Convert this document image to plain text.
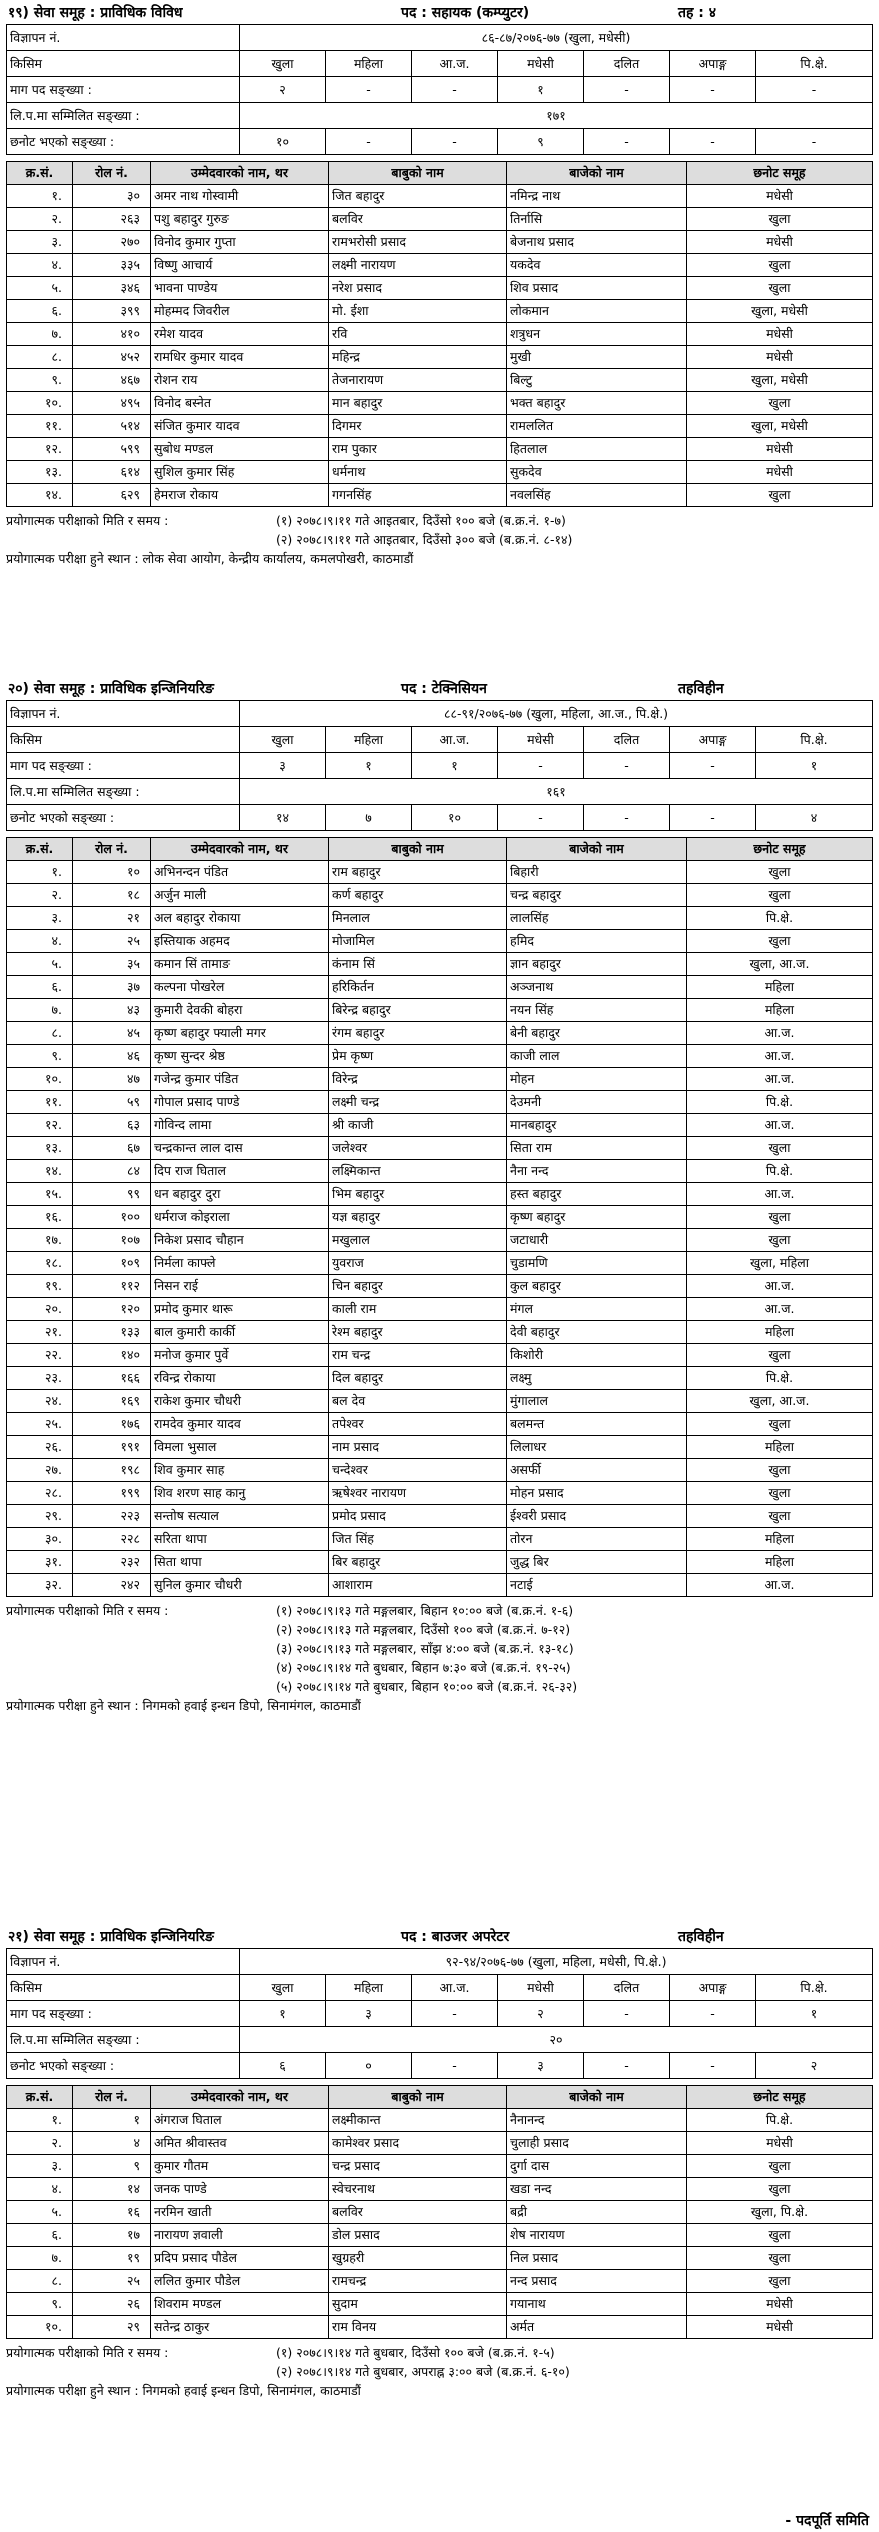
१९) सेवा समूह : प्राविधिक विविध	पद : सहायक (कम्प्युटर)	तह : ४
विज्ञापन नं.	८६-८७/२०७६-७७ (खुला, मधेसी)						
किसिम	खुला	महिला	आ.ज.	मधेसी	दलित	अपाङ्ग	पि.क्षे.
माग पद सङ्ख्या :	२	-	-	१	-	-	-
लि.प.मा सम्मिलित सङ्ख्या :	१७१						
छनोट भएको सङ्ख्या :	१०	-	-	९	-	-	-
क्र.सं.	रोल नं.	उम्मेदवारको नाम, थर	बाबुको नाम	बाजेको नाम	छनोट समूह
१.	३०	अमर नाथ गोस्वामी	जित बहादुर	नमिन्द्र नाथ	मधेसी
२.	२६३	पशु बहादुर गुरुङ	बलविर	तिर्नासि	खुला
३.	२७०	विनोद कुमार गुप्ता	रामभरोसी प्रसाद	बेजनाथ प्रसाद	मधेसी
४.	३३५	विष्णु आचार्य	लक्ष्मी नारायण	यकदेव	खुला
५.	३४६	भावना पाण्डेय	नरेश प्रसाद	शिव प्रसाद	खुला
६.	३९९	मोहम्मद जिवरील	मो. ईशा	लोकमान	खुला, मधेसी
७.	४१०	रमेश यादव	रवि	शत्रुधन	मधेसी
८.	४५२	रामधिर कुमार यादव	महिन्द्र	मुखी	मधेसी
९.	४६७	रोशन राय	तेजनारायण	बिल्टु	खुला, मधेसी
१०.	४९५	विनोद बस्नेत	मान बहादुर	भक्त बहादुर	खुला
११.	५१४	संजित कुमार यादव	दिगमर	रामललित	खुला, मधेसी
१२.	५९९	सुबोध मण्डल	राम पुकार	हितलाल	मधेसी
१३.	६१४	सुशिल कुमार सिंह	धर्मनाथ	सुकदेव	मधेसी
१४.	६२९	हेमराज रोकाय	गगनसिंह	नवलसिंह	खुला
प्रयोगात्मक परीक्षाको मिति र समय :	(१) २०७८।९।११ गते आइतबार, दिउँसो १०० बजे (ब.क्र.नं. १-७)
(२) २०७८।९।११ गते आइतबार, दिउँसो ३०० बजे (ब.क्र.नं. ८-१४)
प्रयोगात्मक परीक्षा हुने स्थान : लोक सेवा आयोग, केन्द्रीय कार्यालय, कमलपोखरी, काठमाडौं
२०) सेवा समूह : प्राविधिक इन्जिनियरिङ	पद : टेक्निसियन	तहविहीन
विज्ञापन नं.	८८-९१/२०७६-७७ (खुला, महिला, आ.ज., पि.क्षे.)						
किसिम	खुला	महिला	आ.ज.	मधेसी	दलित	अपाङ्ग	पि.क्षे.
माग पद सङ्ख्या :	३	१	१	-	-	-	१
लि.प.मा सम्मिलित सङ्ख्या :	१६१						
छनोट भएको सङ्ख्या :	१४	७	१०	-	-	-	४
क्र.सं.	रोल नं.	उम्मेदवारको नाम, थर	बाबुको नाम	बाजेको नाम	छनोट समूह
१.	१०	अभिनन्दन पंडित	राम बहादुर	बिहारी	खुला
२.	१८	अर्जुन माली	कर्ण बहादुर	चन्द्र बहादुर	खुला
३.	२१	अल बहादुर रोकाया	मिनलाल	लालसिंह	पि.क्षे.
४.	२५	इस्तियाक अहमद	मोजामिल	हमिद	खुला
५.	३५	कमान सिं तामाङ	कंनाम सिं	ज्ञान बहादुर	खुला, आ.ज.
६.	३७	कल्पना पोखरेल	हरिकिर्तन	अञ्जनाथ	महिला
७.	४३	कुमारी देवकी बोहरा	बिरेन्द्र बहादुर	नयन सिंह	महिला
८.	४५	कृष्ण बहादुर फ्याली मगर	रंगम बहादुर	बेनी बहादुर	आ.ज.
९.	४६	कृष्ण सुन्दर श्रेष्ठ	प्रेम कृष्ण	काजी लाल	आ.ज.
१०.	४७	गजेन्द्र कुमार पंडित	विरेन्द्र	मोहन	आ.ज.
११.	५९	गोपाल प्रसाद पाण्डे	लक्ष्मी चन्द्र	देउमनी	पि.क्षे.
१२.	६३	गोविन्द लामा	श्री काजी	मानबहादुर	आ.ज.
१३.	६७	चन्द्रकान्त लाल दास	जलेश्वर	सिता राम	खुला
१४.	८४	दिप राज घिताल	लक्ष्मिकान्त	नैना नन्द	पि.क्षे.
१५.	९९	धन बहादुर दुरा	भिम बहादुर	हस्त बहादुर	आ.ज.
१६.	१००	धर्मराज कोइराला	यज्ञ बहादुर	कृष्ण बहादुर	खुला
१७.	१०७	निकेश प्रसाद चौहान	मखुलाल	जटाधारी	खुला
१८.	१०९	निर्मला काफ्ले	युवराज	चुडामणि	खुला, महिला
१९.	११२	निसन राई	चिन बहादुर	कुल बहादुर	आ.ज.
२०.	१२०	प्रमोद कुमार थारू	काली राम	मंगल	आ.ज.
२१.	१३३	बाल कुमारी कार्की	रेश्म बहादुर	देवी बहादुर	महिला
२२.	१४०	मनोज कुमार पुर्वे	राम चन्द्र	किशोरी	खुला
२३.	१६६	रविन्द्र रोकाया	दिल बहादुर	लक्ष्मु	पि.क्षे.
२४.	१६९	राकेश कुमार चौधरी	बल देव	मुंगालाल	खुला, आ.ज.
२५.	१७६	रामदेव कुमार यादव	तपेश्वर	बलमन्त	खुला
२६.	१९१	विमला भुसाल	नाम प्रसाद	लिलाधर	महिला
२७.	१९८	शिव कुमार साह	चन्देश्वर	असर्फी	खुला
२८.	१९९	शिव शरण साह कानु	ऋषेश्वर नारायण	मोहन प्रसाद	खुला
२९.	२२३	सन्तोष सत्याल	प्रमोद प्रसाद	ईश्वरी प्रसाद	खुला
३०.	२२८	सरिता थापा	जित सिंह	तोरन	महिला
३१.	२३२	सिता थापा	बिर बहादुर	जुद्ध बिर	महिला
३२.	२४२	सुनिल कुमार चौधरी	आशाराम	नटाई	आ.ज.
प्रयोगात्मक परीक्षाको मिति र समय :	(१) २०७८।९।१३ गते मङ्गलबार, बिहान १०:०० बजे (ब.क्र.नं. १-६)
(२) २०७८।९।१३ गते मङ्गलबार, दिउँसो १०० बजे (ब.क्र.नं. ७-१२)
(३) २०७८।९।१३ गते मङ्गलबार, साँझ ४:०० बजे (ब.क्र.नं. १३-१८)
(४) २०७८।९।१४ गते बुधबार, बिहान ७:३० बजे (ब.क्र.नं. १९-२५)
(५) २०७८।९।१४ गते बुधबार, बिहान १०:०० बजे (ब.क्र.नं. २६-३२)
प्रयोगात्मक परीक्षा हुने स्थान : निगमको हवाई इन्धन डिपो, सिनामंगल, काठमाडौं
२१) सेवा समूह : प्राविधिक इन्जिनियरिङ	पद : बाउजर अपरेटर	तहविहीन
विज्ञापन नं.	९२-९४/२०७६-७७ (खुला, महिला, मधेसी, पि.क्षे.)						
किसिम	खुला	महिला	आ.ज.	मधेसी	दलित	अपाङ्ग	पि.क्षे.
माग पद सङ्ख्या :	१	३	-	२	-	-	१
लि.प.मा सम्मिलित सङ्ख्या :	२०						
छनोट भएको सङ्ख्या :	६	०	-	३	-	-	२
क्र.सं.	रोल नं.	उम्मेदवारको नाम, थर	बाबुको नाम	बाजेको नाम	छनोट समूह
१.	१	अंगराज घिताल	लक्ष्मीकान्त	नैनानन्द	पि.क्षे.
२.	४	अमित श्रीवास्तव	कामेश्वर प्रसाद	चुलाही प्रसाद	मधेसी
३.	९	कुमार गौतम	चन्द्र प्रसाद	दुर्गा दास	खुला
४.	१४	जनक पाण्डे	स्वेचरनाथ	खडा नन्द	खुला
५.	१६	नरमिन खाती	बलविर	बद्री	खुला, पि.क्षे.
६.	१७	नारायण ज्ञवाली	डोल प्रसाद	शेष नारायण	खुला
७.	१९	प्रदिप प्रसाद पौडेल	खुग्रहरी	निल प्रसाद	खुला
८.	२५	ललित कुमार पौडेल	रामचन्द्र	नन्द प्रसाद	खुला
९.	२६	शिवराम मण्डल	सुदाम	गयानाथ	मधेसी
१०.	२९	सतेन्द्र ठाकुर	राम विनय	अर्मत	मधेसी
प्रयोगात्मक परीक्षाको मिति र समय :	(१) २०७८।९।१४ गते बुधबार, दिउँसो १०० बजे (ब.क्र.नं. १-५)
(२) २०७८।९।१४ गते बुधबार, अपराह्न ३:०० बजे (ब.क्र.नं. ६-१०)
प्रयोगात्मक परीक्षा हुने स्थान : निगमको हवाई इन्धन डिपो, सिनामंगल, काठमाडौं
- पदपूर्ति समिति
